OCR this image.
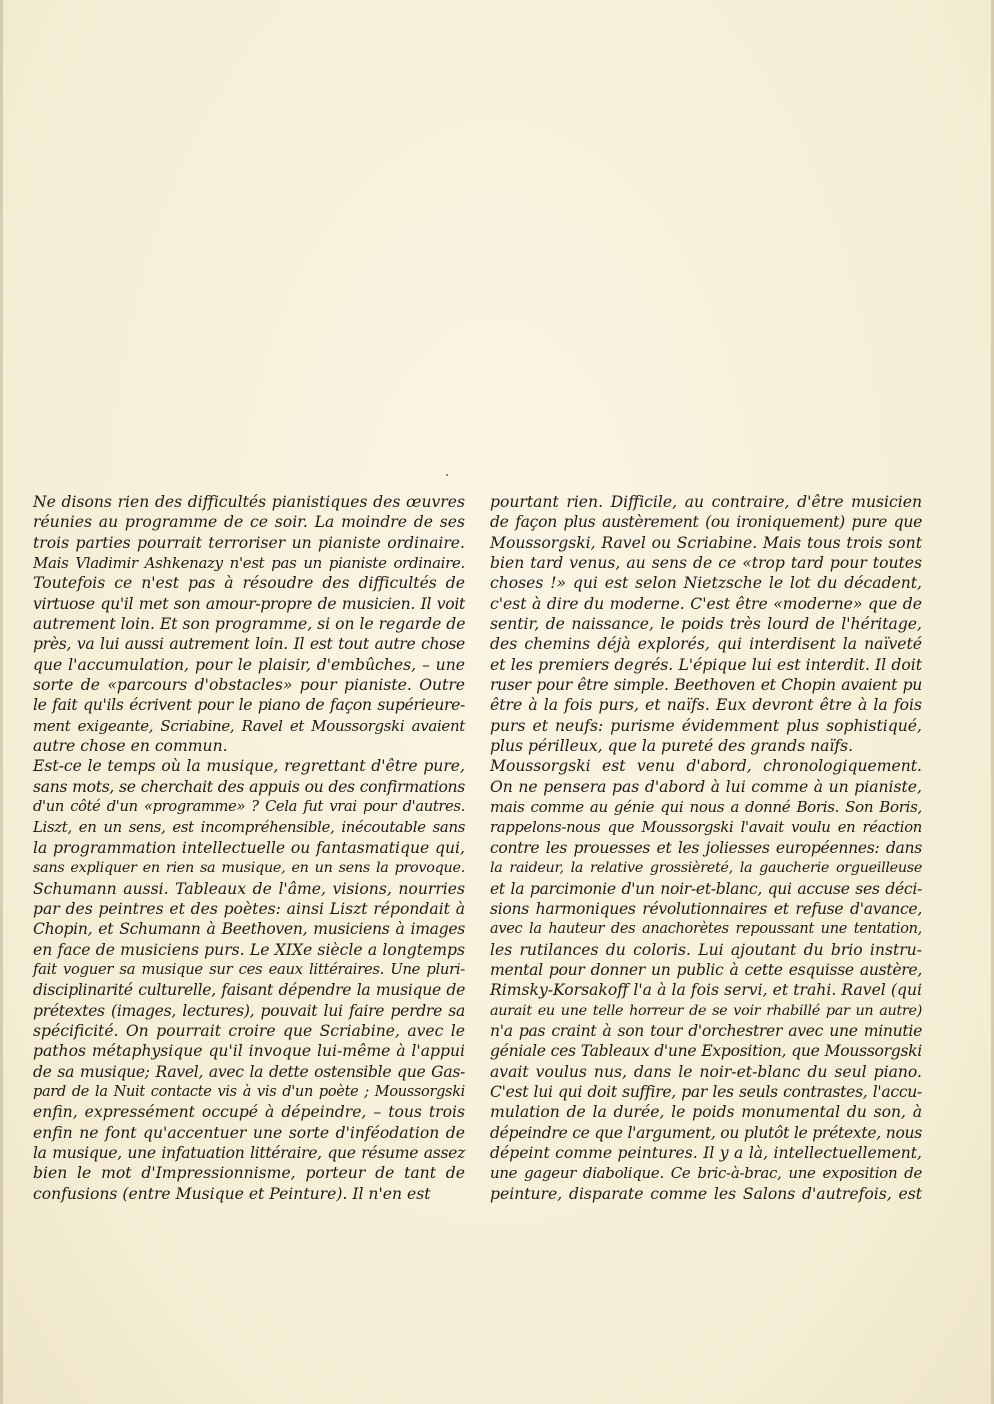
Ne disons rien des difficultés pianistiques des œuvres
réunies au programme de ce soir. La moindre de ses
trois parties pourrait terroriser un pianiste ordinaire.
Mais Vladimir Ashkenazy n'est pas un pianiste ordinaire.
Toutefois ce n'est pas à résoudre des difficultés de
virtuose qu'il met son amour-propre de musicien. Il voit
autrement loin. Et son programme, si on le regarde de
près, va lui aussi autrement loin. Il est tout autre chose
que l'accumulation, pour le plaisir, d'embûches, – une
sorte de «parcours d'obstacles» pour pianiste. Outre
le fait qu'ils écrivent pour le piano de façon supérieure-
ment exigeante, Scriabine, Ravel et Moussorgski avaient
autre chose en commun.
Est-ce le temps où la musique, regrettant d'être pure,
sans mots, se cherchait des appuis ou des confirmations
d'un côté d'un «programme» ? Cela fut vrai pour d'autres.
Liszt, en un sens, est incompréhensible, inécoutable sans
la programmation intellectuelle ou fantasmatique qui,
sans expliquer en rien sa musique, en un sens la provoque.
Schumann aussi. Tableaux de l'âme, visions, nourries
par des peintres et des poètes: ainsi Liszt répondait à
Chopin, et Schumann à Beethoven, musiciens à images
en face de musiciens purs. Le XIXe siècle a longtemps
fait voguer sa musique sur ces eaux littéraires. Une pluri-
disciplinarité culturelle, faisant dépendre la musique de
prétextes (images, lectures), pouvait lui faire perdre sa
spécificité. On pourrait croire que Scriabine, avec le
pathos métaphysique qu'il invoque lui-même à l'appui
de sa musique; Ravel, avec la dette ostensible que Gas-
pard de la Nuit contacte vis à vis d'un poète ; Moussorgski
enfin, expressément occupé à dépeindre, – tous trois
enfin ne font qu'accentuer une sorte d'inféodation de
la musique, une infatuation littéraire, que résume assez
bien le mot d'Impressionnisme, porteur de tant de
confusions (entre Musique et Peinture). Il n'en est
pourtant rien. Difficile, au contraire, d'être musicien
de façon plus austèrement (ou ironiquement) pure que
Moussorgski, Ravel ou Scriabine. Mais tous trois sont
bien tard venus, au sens de ce «trop tard pour toutes
choses !» qui est selon Nietzsche le lot du décadent,
c'est à dire du moderne. C'est être «moderne» que de
sentir, de naissance, le poids très lourd de l'héritage,
des chemins déjà explorés, qui interdisent la naïveté
et les premiers degrés. L'épique lui est interdit. Il doit
ruser pour être simple. Beethoven et Chopin avaient pu
être à la fois purs, et naïfs. Eux devront être à la fois
purs et neufs: purisme évidemment plus sophistiqué,
plus périlleux, que la pureté des grands naïfs.
Moussorgski est venu d'abord, chronologiquement.
On ne pensera pas d'abord à lui comme à un pianiste,
mais comme au génie qui nous a donné Boris. Son Boris,
rappelons-nous que Moussorgski l'avait voulu en réaction
contre les prouesses et les joliesses européennes: dans
la raideur, la relative grossièreté, la gaucherie orgueilleuse
et la parcimonie d'un noir-et-blanc, qui accuse ses déci-
sions harmoniques révolutionnaires et refuse d'avance,
avec la hauteur des anachorètes repoussant une tentation,
les rutilances du coloris. Lui ajoutant du brio instru-
mental pour donner un public à cette esquisse austère,
Rimsky-Korsakoff l'a à la fois servi, et trahi. Ravel (qui
aurait eu une telle horreur de se voir rhabillé par un autre)
n'a pas craint à son tour d'orchestrer avec une minutie
géniale ces Tableaux d'une Exposition, que Moussorgski
avait voulus nus, dans le noir-et-blanc du seul piano.
C'est lui qui doit suffire, par les seuls contrastes, l'accu-
mulation de la durée, le poids monumental du son, à
dépeindre ce que l'argument, ou plutôt le prétexte, nous
dépeint comme peintures. Il y a là, intellectuellement,
une gageur diabolique. Ce bric-à-brac, une exposition de
peinture, disparate comme les Salons d'autrefois, est
